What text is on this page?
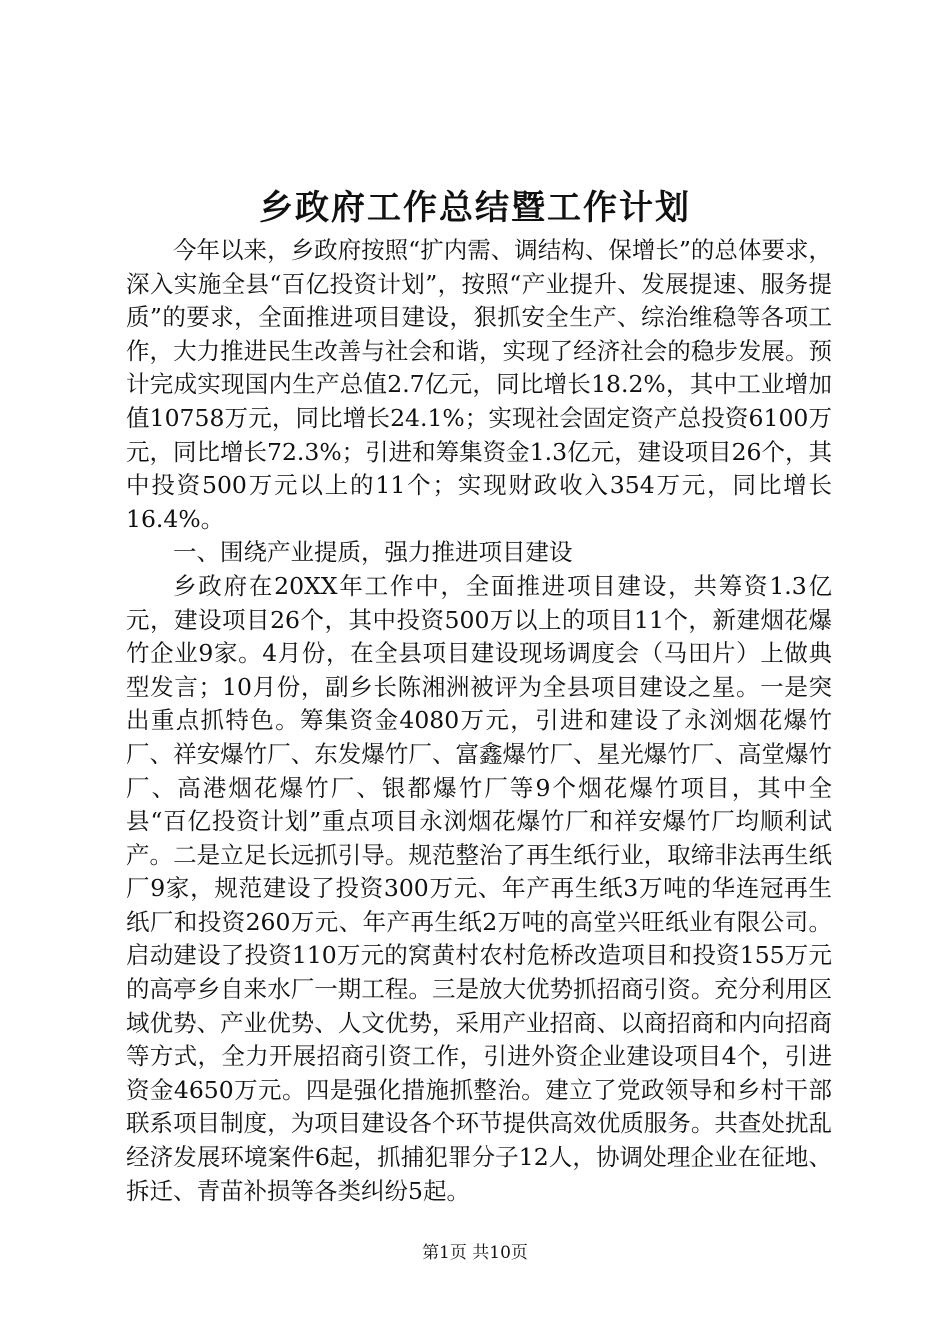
乡政府工作总结暨工作计划

今年以来，乡政府按照“扩内需、调结构、保增长”的总体要求，深入实施全县“百亿投资计划”，按照“产业提升、发展提速、服务提质”的要求，全面推进项目建设，狠抓安全生产、综治维稳等各项工作，大力推进民生改善与社会和谐，实现了经济社会的稳步发展。预计完成实现国内生产总值2.7亿元，同比增长18.2%，其中工业增加值10758万元，同比增长24.1%；实现社会固定资产总投资6100万元，同比增长72.3%；引进和筹集资金1.3亿元，建设项目26个，其中投资500万元以上的11个；实现财政收入354万元，同比增长16.4%。

一、围绕产业提质，强力推进项目建设

乡政府在20XX年工作中，全面推进项目建设，共筹资1.3亿元，建设项目26个，其中投资500万以上的项目11个，新建烟花爆竹企业9家。4月份，在全县项目建设现场调度会（马田片）上做典型发言；10月份，副乡长陈湘洲被评为全县项目建设之星。一是突出重点抓特色。筹集资金4080万元，引进和建设了永浏烟花爆竹厂、祥安爆竹厂、东发爆竹厂、富鑫爆竹厂、星光爆竹厂、高堂爆竹厂、高港烟花爆竹厂、银都爆竹厂等9个烟花爆竹项目，其中全县“百亿投资计划”重点项目永浏烟花爆竹厂和祥安爆竹厂均顺利试产。二是立足长远抓引导。规范整治了再生纸行业，取缔非法再生纸厂9家，规范建设了投资300万元、年产再生纸3万吨的华连冠再生纸厂和投资260万元、年产再生纸2万吨的高堂兴旺纸业有限公司。启动建设了投资110万元的窝黄村农村危桥改造项目和投资155万元的高亭乡自来水厂一期工程。三是放大优势抓招商引资。充分利用区域优势、产业优势、人文优势，采用产业招商、以商招商和内向招商等方式，全力开展招商引资工作，引进外资企业建设项目4个，引进资金4650万元。四是强化措施抓整治。建立了党政领导和乡村干部联系项目制度，为项目建设各个环节提供高效优质服务。共查处扰乱经济发展环境案件6起，抓捕犯罪分子12人，协调处理企业在征地、拆迁、青苗补损等各类纠纷5起。

第1页 共10页
